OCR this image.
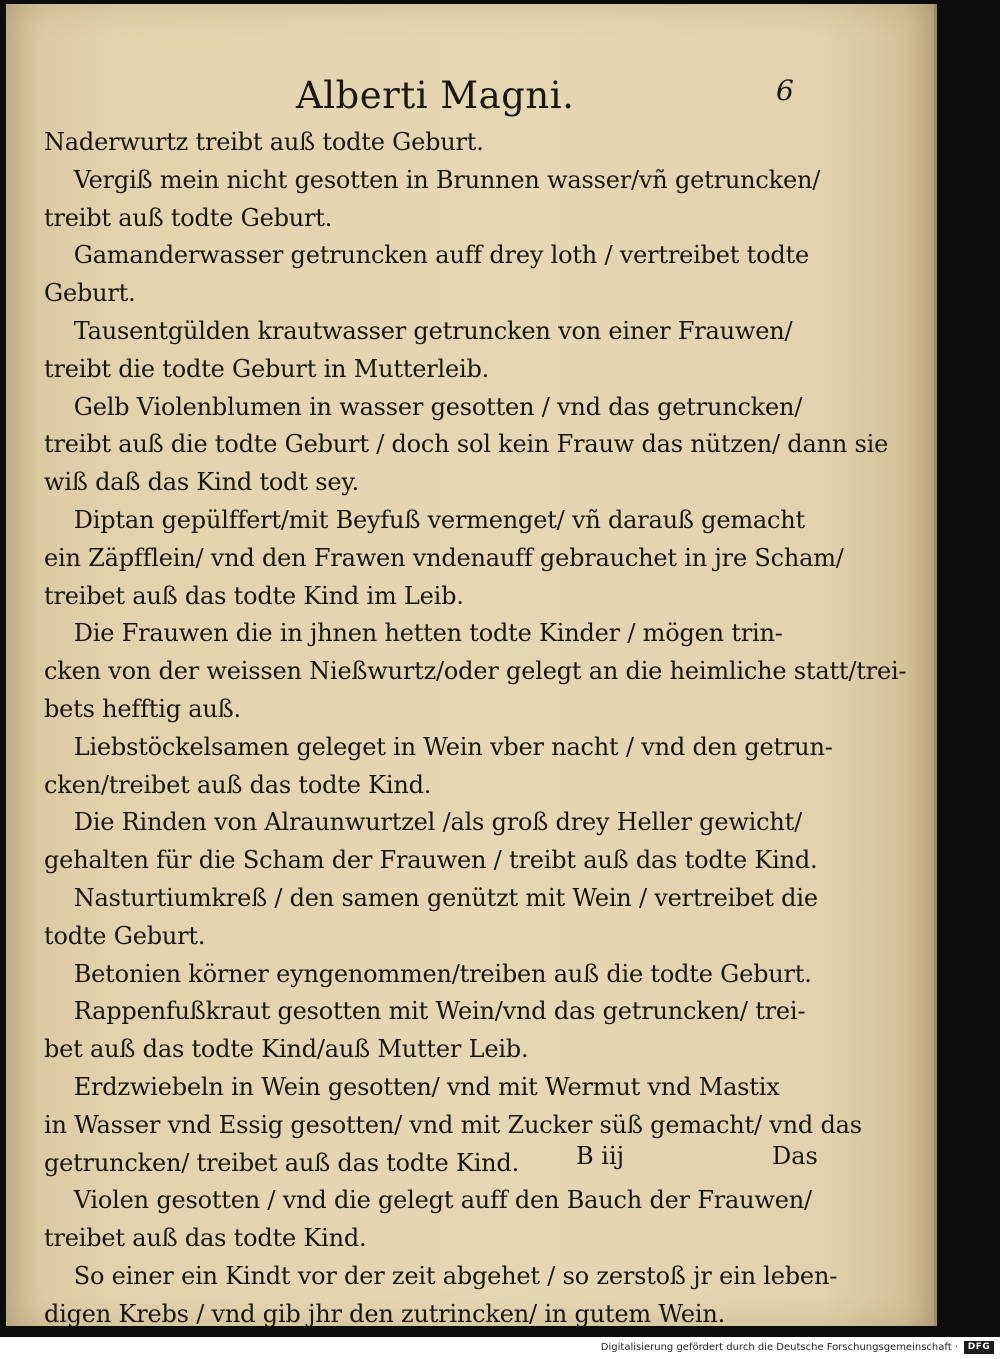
Alberti Magni.	6
Naderwurtz treibt auß todte Geburt.
Vergiß mein nicht gesotten in Brunnen wasser/vñ getruncken/
treibt auß todte Geburt.
Gamanderwasser getruncken auff drey loth / vertreibet todte
Geburt.
Tausentgülden krautwasser getruncken von einer Frauwen/
treibt die todte Geburt in Mutterleib.
Gelb Violenblumen in wasser gesotten / vnd das getruncken/
treibt auß die todte Geburt / doch sol kein Frauw das nützen/ dann sie
wiß daß das Kind todt sey.
Diptan gepülffert/mit Beyfuß vermenget/ vñ darauß gemacht
ein Zäpfflein/ vnd den Frawen vndenauff gebrauchet in jre Scham/
treibet auß das todte Kind im Leib.
Die Frauwen die in jhnen hetten todte Kinder / mögen trin-
cken von der weissen Nießwurtz/oder gelegt an die heimliche statt/trei-
bets hefftig auß.
Liebstöckelsamen geleget in Wein vber nacht / vnd den getrun-
cken/treibet auß das todte Kind.
Die Rinden von Alraunwurtzel /als groß drey Heller gewicht/
gehalten für die Scham der Frauwen / treibt auß das todte Kind.
Nasturtiumkreß / den samen genützt mit Wein / vertreibet die
todte Geburt.
Betonien körner eyngenommen/treiben auß die todte Geburt.
Rappenfußkraut gesotten mit Wein/vnd das getruncken/ trei-
bet auß das todte Kind/auß Mutter Leib.
Erdzwiebeln in Wein gesotten/ vnd mit Wermut vnd Mastix
in Wasser vnd Essig gesotten/ vnd mit Zucker süß gemacht/ vnd das
getruncken/ treibet auß das todte Kind.
Violen gesotten / vnd die gelegt auff den Bauch der Frauwen/
treibet auß das todte Kind.
So einer ein Kindt vor der zeit abgehet / so zerstoß jr ein leben-
digen Krebs / vnd gib jhr den zutrincken/ in gutem Wein.
B iij	Das
Digitalisierung gefördert durch die Deutsche Forschungsgemeinschaft ·	DFG
